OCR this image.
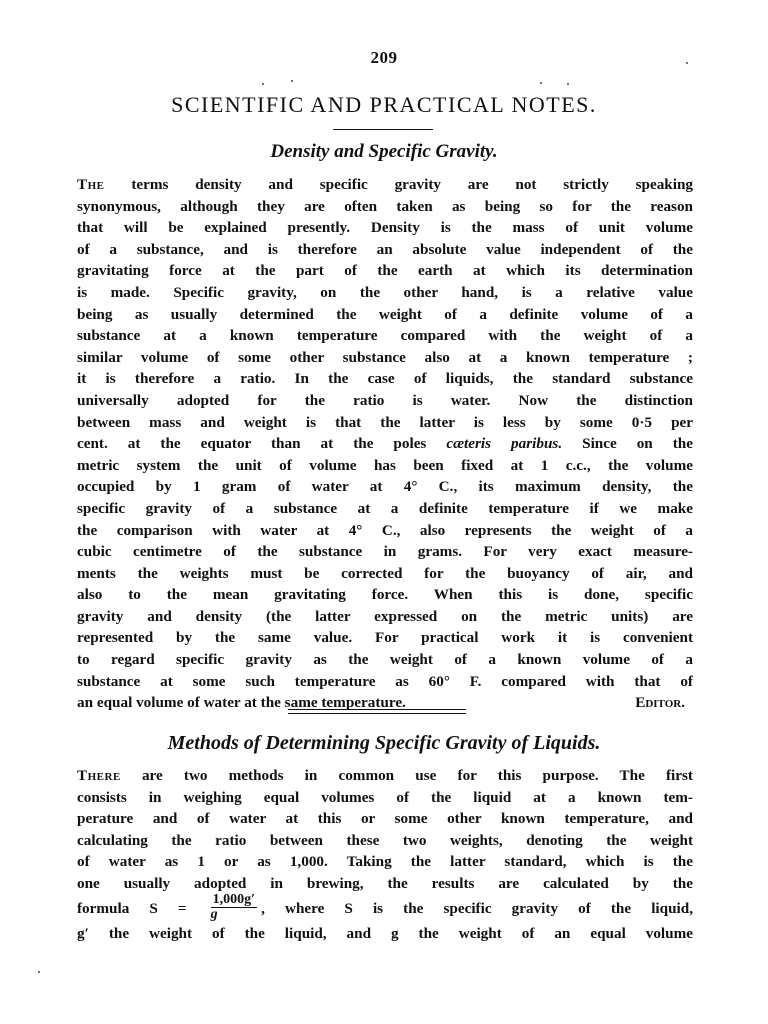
209
SCIENTIFIC AND PRACTICAL NOTES.
Density and Specific Gravity.
The terms density and specific gravity are not strictly speaking
synonymous, although they are often taken as being so for the reason
that will be explained presently. Density is the mass of unit volume
of a substance, and is therefore an absolute value independent of the
gravitating force at the part of the earth at which its determination
is made. Specific gravity, on the other hand, is a relative value
being as usually determined the weight of a definite volume of a
substance at a known temperature compared with the weight of a
similar volume of some other substance also at a known temperature ;
it is therefore a ratio. In the case of liquids, the standard substance
universally adopted for the ratio is water. Now the distinction
between mass and weight is that the latter is less by some 0·5 per
cent. at the equator than at the poles cæteris paribus. Since on the
metric system the unit of volume has been fixed at 1 c.c., the volume
occupied by 1 gram of water at 4° C., its maximum density, the
specific gravity of a substance at a definite temperature if we make
the comparison with water at 4° C., also represents the weight of a
cubic centimetre of the substance in grams. For very exact measure-
ments the weights must be corrected for the buoyancy of air, and
also to the mean gravitating force. When this is done, specific
gravity and density (the latter expressed on the metric units) are
represented by the same value. For practical work it is convenient
to regard specific gravity as the weight of a known volume of a
substance at some such temperature as 60° F. compared with that of
an equal volume of water at the same temperature.	Editor.
Methods of Determining Specific Gravity of Liquids.
There are two methods in common use for this purpose. The first
consists in weighing equal volumes of the liquid at a known tem-
perature and of water at this or some other known temperature, and
calculating the ratio between these two weights, denoting the weight
of water as 1 or as 1,000. Taking the latter standard, which is the
one usually adopted in brewing, the results are calculated by the
formula $S = \frac{1,000g'}{g}$ , where S is the specific gravity of the liquid,
g′ the weight of the liquid, and g the weight of an equal volume
